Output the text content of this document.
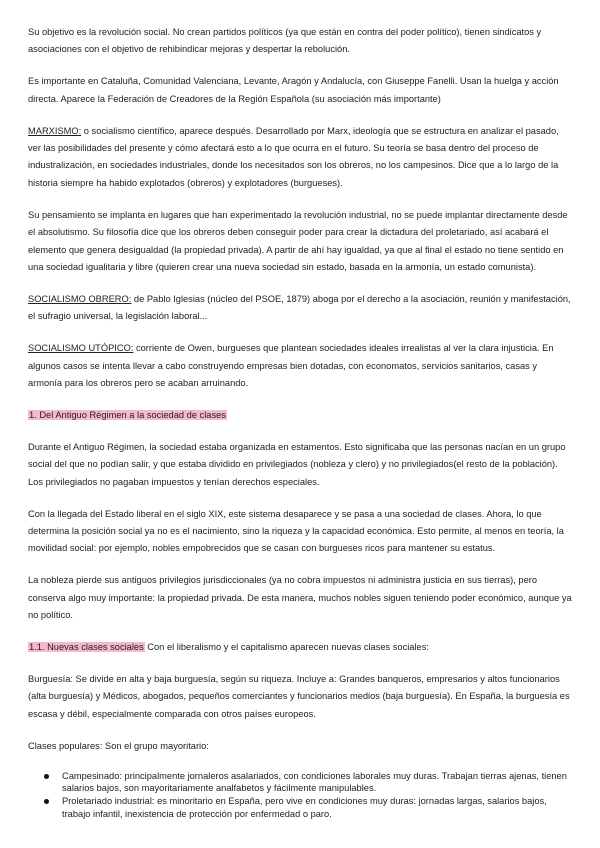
Su objetivo es la revolución social. No crean partidos políticos (ya que están en contra del poder político), tienen sindicatos y asociaciones con el objetivo de rehibindicar mejoras y despertar la rebolución.

Es importante en Cataluña, Comunidad Valenciana, Levante, Aragón y Andalucía, con Giuseppe Fanelli. Usan la huelga y acción directa. Aparece la Federación de Creadores de la Región Española (su asociación más importante)

MARXISMO: o socialismo científico, aparece después. Desarrollado por Marx, ideología que se estructura en analizar el pasado, ver las posibilidades del presente y cómo afectará esto a lo que ocurra en el futuro. Su teoría se basa dentro del proceso de industralización, en sociedades industriales, donde los necesitados son los obreros, no los campesinos. Dice que a lo largo de la historia siempre ha habido explotados (obreros) y explotadores (burgueses).

Su pensamiento se implanta en lugares que han experimentado la revolución industrial, no se puede implantar directamente desde el absolutismo. Su filosofía dice que los obreros deben conseguir poder para crear la dictadura del proletariado, así acabará el elemento que genera desigualdad (la propiedad privada). A partir de ahí hay igualdad, ya que al final el estado no tiene sentido en una sociedad igualitaria y libre (quieren crear una nueva sociedad sin estado, basada en la armonía, un estado comunista).

SOCIALISMO OBRERO: de Pablo Iglesias (núcleo del PSOE, 1879) aboga por el derecho a la asociación, reunión y manifestación, el sufragio universal, la legislación laboral...

SOCIALISMO UTÓPICO: corriente de Owen, burgueses que plantean sociedades ideales irrealistas al ver la clara injusticia. En algunos casos se intenta llevar a cabo construyendo empresas bien dotadas, con economatos, servicios sanitarios, casas y armonía para los obreros pero se acaban arruinando.

1. Del Antiguo Régimen a la sociedad de clases

Durante el Antiguo Régimen, la sociedad estaba organizada en estamentos. Esto significaba que las personas nacían en un grupo social del que no podían salir, y que estaba dividido en privilegiados (nobleza y clero) y no privilegiados(el resto de la población). Los privilegiados no pagaban impuestos y tenían derechos especiales.

Con la llegada del Estado liberal en el siglo XIX, este sistema desaparece y se pasa a una sociedad de clases. Ahora, lo que determina la posición social ya no es el nacimiento, sino la riqueza y la capacidad económica. Esto permite, al menos en teoría, la movilidad social: por ejemplo, nobles empobrecidos que se casan con burgueses ricos para mantener su estatus.

La nobleza pierde sus antiguos privilegios jurisdiccionales (ya no cobra impuestos ni administra justicia en sus tierras), pero conserva algo muy importante: la propiedad privada. De esta manera, muchos nobles siguen teniendo poder económico, aunque ya no político.

1.1. Nuevas clases sociales Con el liberalismo y el capitalismo aparecen nuevas clases sociales:

Burguesía: Se divide en alta y baja burguesía, según su riqueza. Incluye a: Grandes banqueros, empresarios y altos funcionarios (alta burguesía) y Médicos, abogados, pequeños comerciantes y funcionarios medios (baja burguesía). En España, la burguesía es escasa y débil, especialmente comparada con otros países europeos.

Clases populares: Son el grupo mayoritario:

Campesinado: principalmente jornaleros asalariados, con condiciones laborales muy duras. Trabajan tierras ajenas, tienen salarios bajos, son mayoritariamente analfabetos y fácilmente manipulables.
Proletariado industrial: es minoritario en España, pero vive en condiciones muy duras: jornadas largas, salarios bajos, trabajo infantil, inexistencia de protección por enfermedad o paro.
